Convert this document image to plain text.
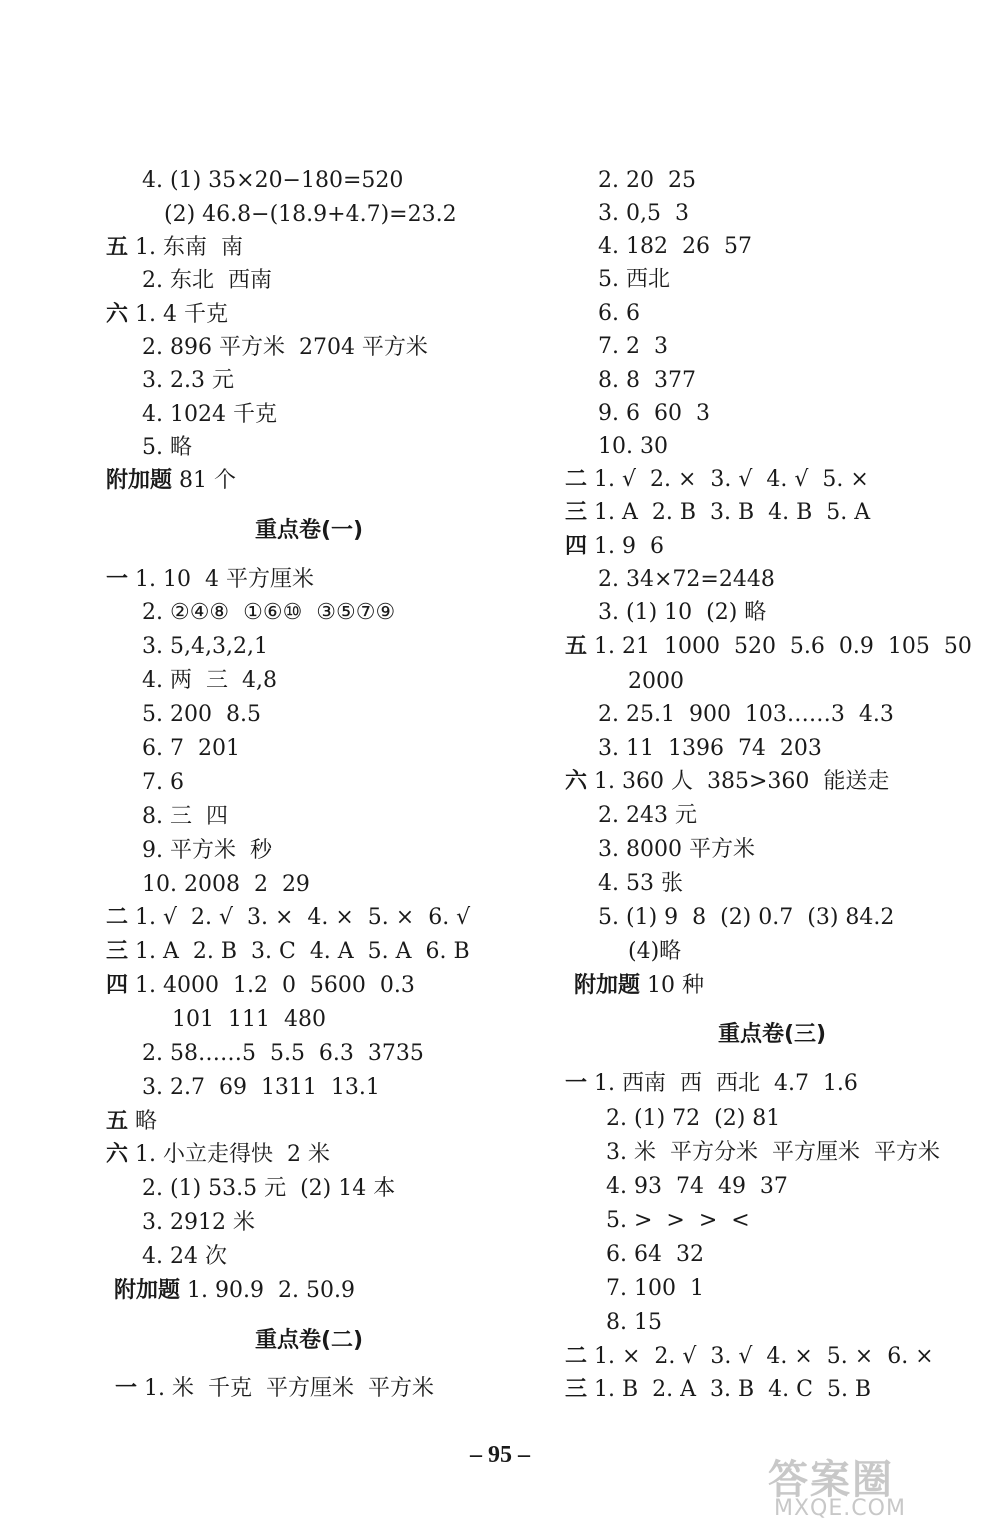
4. (1) 35×20−180=520
(2) 46.8−(18.9+4.7)=23.2
五 1. 东南  南
2. 东北  西南
六 1. 4 千克
2. 896 平方米  2704 平方米
3. 2.3 元
4. 1024 千克
5. 略
附加题 81 个
重点卷(一)
一 1. 10  4 平方厘米
2. ②④⑧  ①⑥⑩  ③⑤⑦⑨
3. 5,4,3,2,1
4. 两  三  4,8
5. 200  8.5
6. 7  201
7. 6
8. 三  四
9. 平方米  秒
10. 2008  2  29
二 1. √  2. √  3. ×  4. ×  5. ×  6. √
三 1. A  2. B  3. C  4. A  5. A  6. B
四 1. 4000  1.2  0  5600  0.3
101  111  480
2. 58……5  5.5  6.3  3735
3. 2.7  69  1311  13.1
五 略
六 1. 小立走得快  2 米
2. (1) 53.5 元  (2) 14 本
3. 2912 米
4. 24 次
附加题 1. 90.9  2. 50.9
重点卷(二)
一 1. 米  千克  平方厘米  平方米
2. 20  25
3. 0,5  3
4. 182  26  57
5. 西北
6. 6
7. 2  3
8. 8  377
9. 6  60  3
10. 30
二 1. √  2. ×  3. √  4. √  5. ×
三 1. A  2. B  3. B  4. B  5. A
四 1. 9  6
2. 34×72=2448
3. (1) 10  (2) 略
五 1. 21  1000  520  5.6  0.9  105  50
2000
2. 25.1  900  103……3  4.3
3. 11  1396  74  203
六 1. 360 人  385>360  能送走
2. 243 元
3. 8000 平方米
4. 53 张
5. (1) 9  8  (2) 0.7  (3) 84.2
(4)略
附加题 10 种
重点卷(三)
一 1. 西南  西  西北  4.7  1.6
2. (1) 72  (2) 81
3. 米  平方分米  平方厘米  平方米
4. 93  74  49  37
5. >  >  >  <
6. 64  32
7. 100  1
8. 15
二 1. ×  2. √  3. √  4. ×  5. ×  6. ×
三 1. B  2. A  3. B  4. C  5. B
– 95 –
答案圈
MXQE.COM
